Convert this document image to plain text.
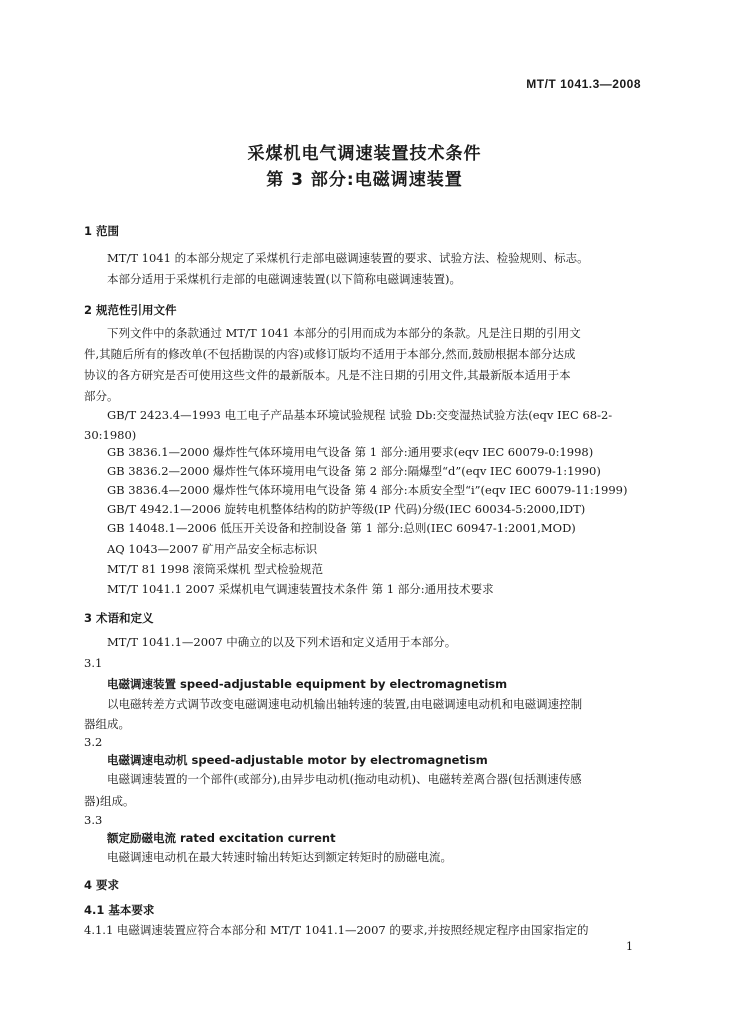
MT/T 1041.3—2008
采煤机电气调速装置技术条件
第 3 部分:电磁调速装置
1 范围
MT/T 1041 的本部分规定了采煤机行走部电磁调速装置的要求、试验方法、检验规则、标志。
本部分适用于采煤机行走部的电磁调速装置(以下简称电磁调速装置)。
2 规范性引用文件
下列文件中的条款通过 MT/T 1041 本部分的引用而成为本部分的条款。凡是注日期的引用文
件,其随后所有的修改单(不包括勘误的内容)或修订版均不适用于本部分,然而,鼓励根据本部分达成
协议的各方研究是否可使用这些文件的最新版本。凡是不注日期的引用文件,其最新版本适用于本
部分。
GB/T 2423.4—1993 电工电子产品基本环境试验规程 试验 Db:交变湿热试验方法(eqv IEC 68-2-
30:1980)
GB 3836.1—2000 爆炸性气体环境用电气设备 第 1 部分:通用要求(eqv IEC 60079-0:1998)
GB 3836.2—2000 爆炸性气体环境用电气设备 第 2 部分:隔爆型“d”(eqv IEC 60079-1:1990)
GB 3836.4—2000 爆炸性气体环境用电气设备 第 4 部分:本质安全型“i”(eqv IEC 60079-11:1999)
GB/T 4942.1—2006 旋转电机整体结构的防护等级(IP 代码)分级(IEC 60034-5:2000,IDT)
GB 14048.1—2006 低压开关设备和控制设备 第 1 部分:总则(IEC 60947-1:2001,MOD)
AQ 1043—2007 矿用产品安全标志标识
MT/T 81 1998 滚筒采煤机 型式检验规范
MT/T 1041.1 2007 采煤机电气调速装置技术条件 第 1 部分:通用技术要求
3 术语和定义
MT/T 1041.1—2007 中确立的以及下列术语和定义适用于本部分。
3.1
电磁调速装置 speed-adjustable equipment by electromagnetism
以电磁转差方式调节改变电磁调速电动机输出轴转速的装置,由电磁调速电动机和电磁调速控制
器组成。
3.2
电磁调速电动机 speed-adjustable motor by electromagnetism
电磁调速装置的一个部件(或部分),由异步电动机(拖动电动机)、电磁转差离合器(包括测速传感
器)组成。
3.3
额定励磁电流 rated excitation current
电磁调速电动机在最大转速时输出转矩达到额定转矩时的励磁电流。
4 要求
4.1 基本要求
4.1.1 电磁调速装置应符合本部分和 MT/T 1041.1—2007 的要求,并按照经规定程序由国家指定的
1
